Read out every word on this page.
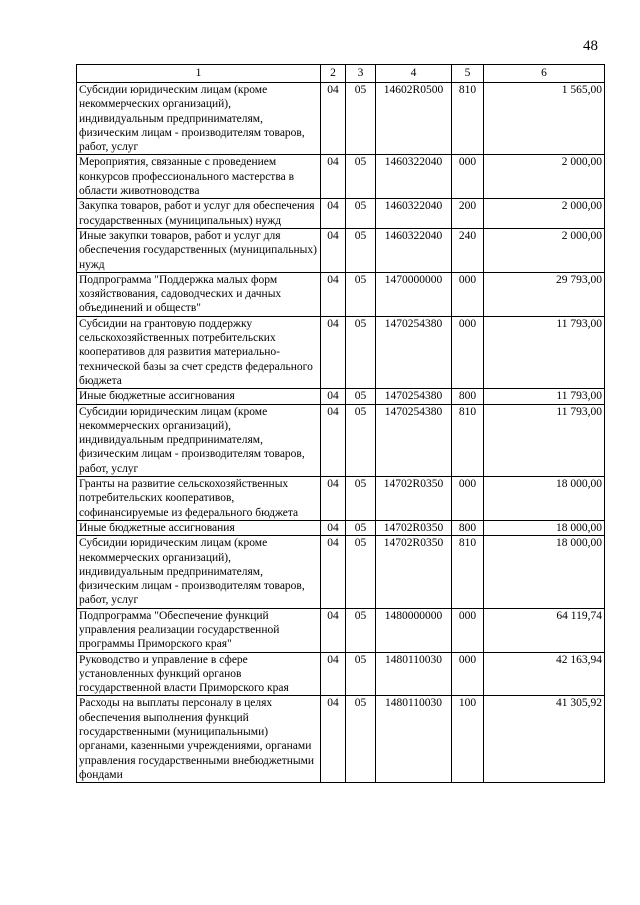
48
1	2	3	4	5	6
Субсидии юридическим лицам (кроме некоммерческих организаций), индивидуальным предпринимателям, физическим лицам - производителям товаров, работ, услуг	04	05	14602R0500	810	1 565,00
Мероприятия, связанные с проведением конкурсов профессионального мастерства в области животноводства	04	05	1460322040	000	2 000,00
Закупка товаров, работ и услуг для обеспечения государственных (муниципальных) нужд	04	05	1460322040	200	2 000,00
Иные закупки товаров, работ и услуг для обеспечения государственных (муниципальных) нужд	04	05	1460322040	240	2 000,00
Подпрограмма "Поддержка малых форм хозяйствования, садоводческих и дачных объединений и обществ"	04	05	1470000000	000	29 793,00
Субсидии на грантовую поддержку сельскохозяйственных потребительских кооперативов для развития материально-технической базы за счет средств федерального бюджета	04	05	1470254380	000	11 793,00
Иные бюджетные ассигнования	04	05	1470254380	800	11 793,00
Субсидии юридическим лицам (кроме некоммерческих организаций), индивидуальным предпринимателям, физическим лицам - производителям товаров, работ, услуг	04	05	1470254380	810	11 793,00
Гранты на развитие сельскохозяйственных потребительских кооперативов, софинансируемые из федерального бюджета	04	05	14702R0350	000	18 000,00
Иные бюджетные ассигнования	04	05	14702R0350	800	18 000,00
Субсидии юридическим лицам (кроме некоммерческих организаций), индивидуальным предпринимателям, физическим лицам - производителям товаров, работ, услуг	04	05	14702R0350	810	18 000,00
Подпрограмма "Обеспечение функций управления реализации государственной программы Приморского края"	04	05	1480000000	000	64 119,74
Руководство и управление в сфере установленных функций органов государственной власти Приморского края	04	05	1480110030	000	42 163,94
Расходы на выплаты персоналу в целях обеспечения выполнения функций государственными (муниципальными) органами, казенными учреждениями, органами управления государственными внебюджетными фондами	04	05	1480110030	100	41 305,92
